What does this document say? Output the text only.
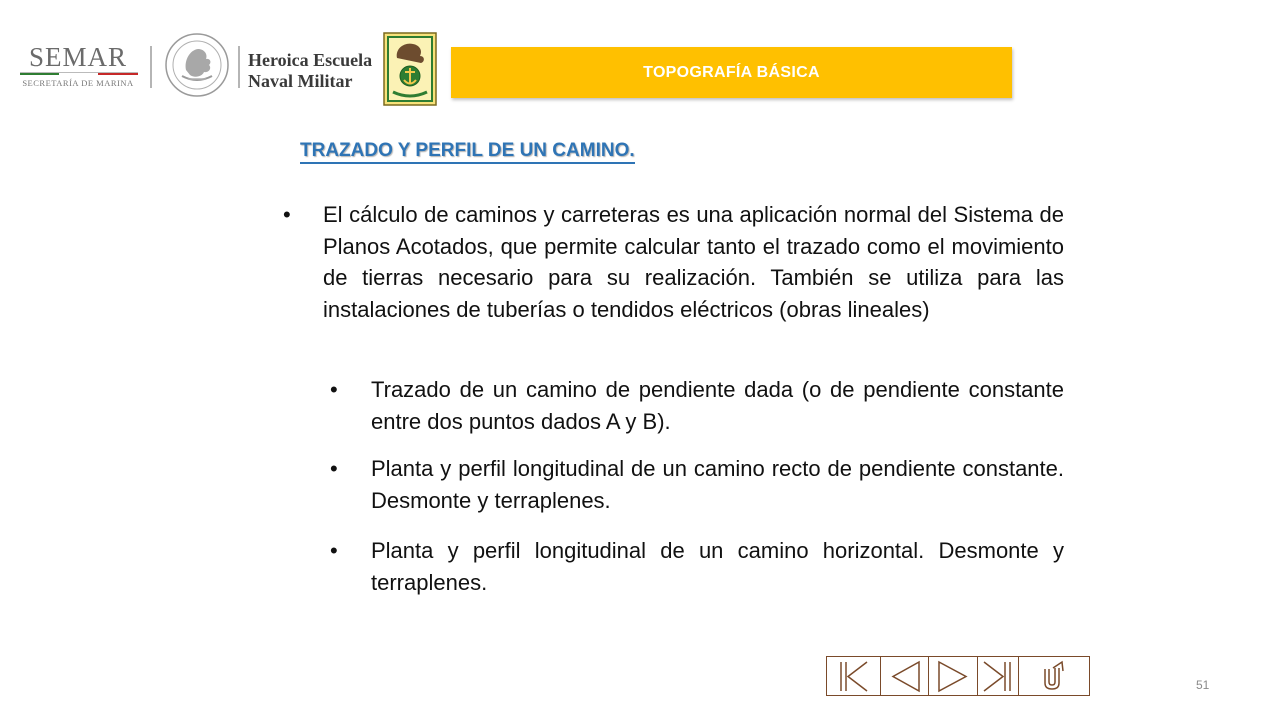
SEMAR
SECRETARÍA DE MARINA
Heroica Escuela
Naval Militar	TOPOGRAFÍA BÁSICA
TRAZADO Y PERFIL DE UN CAMINO.
• El cálculo de caminos y carreteras es una aplicación normal del Sistema de Planos Acotados, que permite calcular tanto el trazado como el movimiento de tierras necesario para su realización. También se utiliza para las instalaciones de tuberías o tendidos eléctricos (obras lineales)
• Trazado de un camino de pendiente dada (o de pendiente constante entre dos puntos dados A y B).
• Planta y perfil longitudinal de un camino recto de pendiente constante. Desmonte y terraplenes.
• Planta y perfil longitudinal de un camino horizontal. Desmonte y terraplenes.
51
